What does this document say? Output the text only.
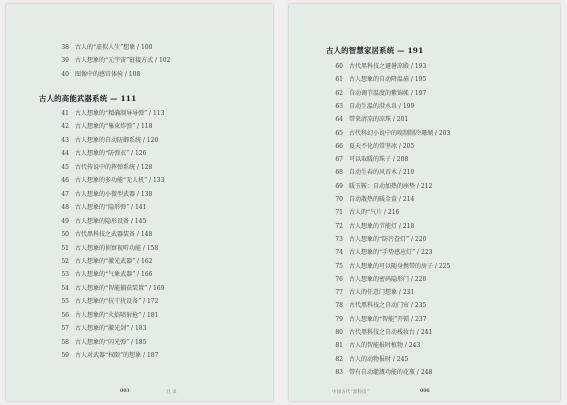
38 古人的“虚拟人生”想象 / 100
39 古人想象的“元宇宙”链接方式 / 102
40 图像中的感官体验 / 108
41 古人想象的“精确制导导弹” / 113
42 古人想象的“集束炸弹” / 118
43 古人想象的自动防御系统 / 120
44 古人想象的“防弹衣” / 126
45 古代传说中的挥弹系统 / 128
46 古人想象的多功能“无人机” / 133
47 古人想象的小微型武器 / 138
48 古人想象的“隐形弹” / 141
49 古人想象的隐形设备 / 145
50 古代黑科技之武器装备 / 148
51 古人想象的侦察视听功能 / 158
52 古人想象的“激光武器” / 162
53 古人想象的“气象武器” / 166
54 古人想象的“智能捕获装置” / 169
55 古人想象的“抗干扰设备” / 172
56 古人想象的“火焰喷射枪” / 181
57 古人想象的“激光剑” / 183
58 古人想象的“闪光弹” / 185
59 古人对武器“权限”的想象 / 187
古人的高能武器系统 — 111
003	目 录
古人的智慧家居系统 — 191
60 古代黑科技之避暑凉殿 / 193
61 古人想象的自动降温扇 / 195
62 自动调节温度的紫锦帐 / 197
63 自动生温的澄水帛 / 199
64 带来清凉的凉珠 / 201
65 古代科幻小说中的嗅制制冷珊瑚 / 203
66 夏天不化的常坚冰 / 205
67 可以取暖的珠子 / 208
68 自动生春的风首木 / 210
69 暖玉鞍：自动加热的座垫 / 212
70 自动散热的暖金盒 / 214
71 古人的“气片 / 216
72 古人想象的节能灯 / 218
73 古人想象的“防污眷灯” / 220
74 古人想象的“手势感应灯” / 223
75 古人想象的可以随身携带的房子 / 225
76 古人想象的密码隐形门 / 228
77 古人的任意门想象 / 231
78 古代黑科技之自动门帘 / 235
79 古人想象的“智能”开锁 / 237
80 古代黑科技之自动栈妆台 / 241
81 古人的智能报时植物 / 243
82 古人的动物报时 / 245
83 带有自动灌溉功能的花瓶 / 248
中国古代“黑科技”	006
